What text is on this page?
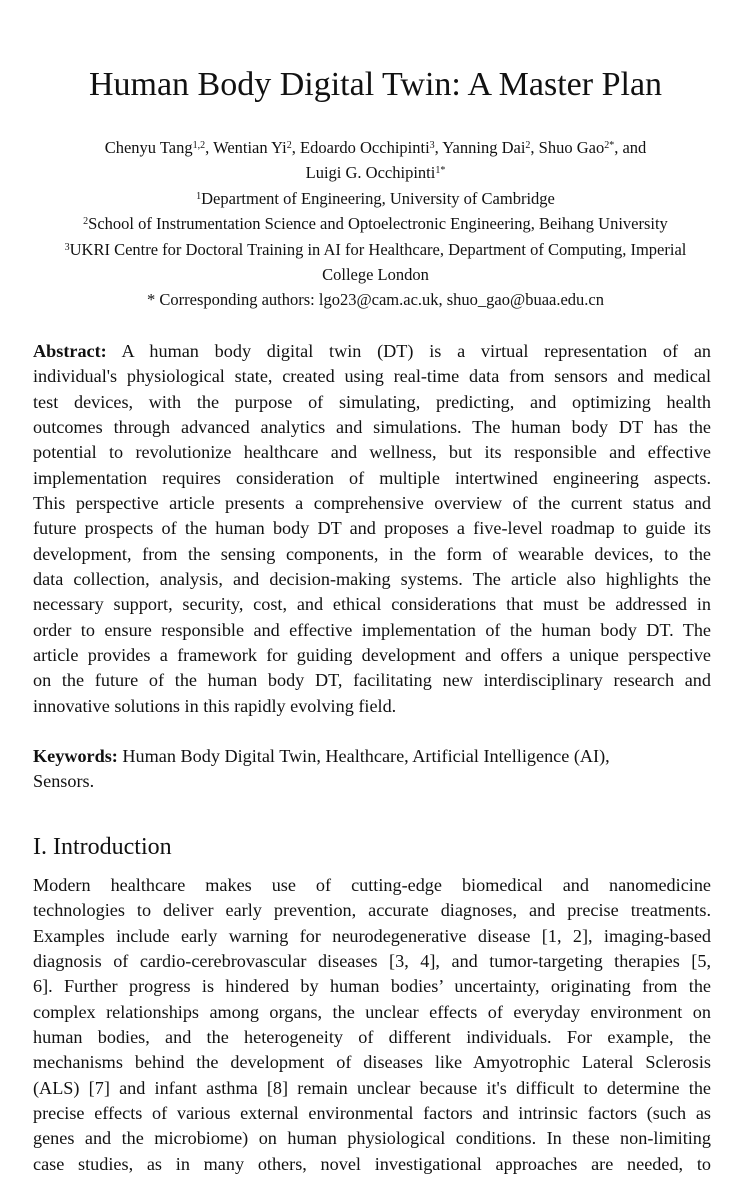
Human Body Digital Twin: A Master Plan
Chenyu Tang$^{1,2}$, Wentian Yi$^2$, Edoardo Occhipinti$^3$, Yanning Dai$^2$, Shuo Gao$^{2*}$, and
Luigi G. Occhipinti$^{1*}$
$^1$Department of Engineering, University of Cambridge
$^2$School of Instrumentation Science and Optoelectronic Engineering, Beihang University
$^3$UKRI Centre for Doctoral Training in AI for Healthcare, Department of Computing, Imperial
College London
* Corresponding authors: lgo23@cam.ac.uk, shuo_gao@buaa.edu.cn
Abstract: A human body digital twin (DT) is a virtual representation of an
individual's physiological state, created using real-time data from sensors and medical
test devices, with the purpose of simulating, predicting, and optimizing health
outcomes through advanced analytics and simulations. The human body DT has the
potential to revolutionize healthcare and wellness, but its responsible and effective
implementation requires consideration of multiple intertwined engineering aspects.
This perspective article presents a comprehensive overview of the current status and
future prospects of the human body DT and proposes a five-level roadmap to guide its
development, from the sensing components, in the form of wearable devices, to the
data collection, analysis, and decision-making systems. The article also highlights the
necessary support, security, cost, and ethical considerations that must be addressed in
order to ensure responsible and effective implementation of the human body DT. The
article provides a framework for guiding development and offers a unique perspective
on the future of the human body DT, facilitating new interdisciplinary research and
innovative solutions in this rapidly evolving field.
Keywords: Human Body Digital Twin, Healthcare, Artificial Intelligence (AI),
Sensors.
I. Introduction
Modern healthcare makes use of cutting-edge biomedical and nanomedicine
technologies to deliver early prevention, accurate diagnoses, and precise treatments.
Examples include early warning for neurodegenerative disease [1, 2], imaging-based
diagnosis of cardio-cerebrovascular diseases [3, 4], and tumor-targeting therapies [5,
6]. Further progress is hindered by human bodies’ uncertainty, originating from the
complex relationships among organs, the unclear effects of everyday environment on
human bodies, and the heterogeneity of different individuals. For example, the
mechanisms behind the development of diseases like Amyotrophic Lateral Sclerosis
(ALS) [7] and infant asthma [8] remain unclear because it's difficult to determine the
precise effects of various external environmental factors and intrinsic factors (such as
genes and the microbiome) on human physiological conditions. In these non-limiting
case studies, as in many others, novel investigational approaches are needed, to
